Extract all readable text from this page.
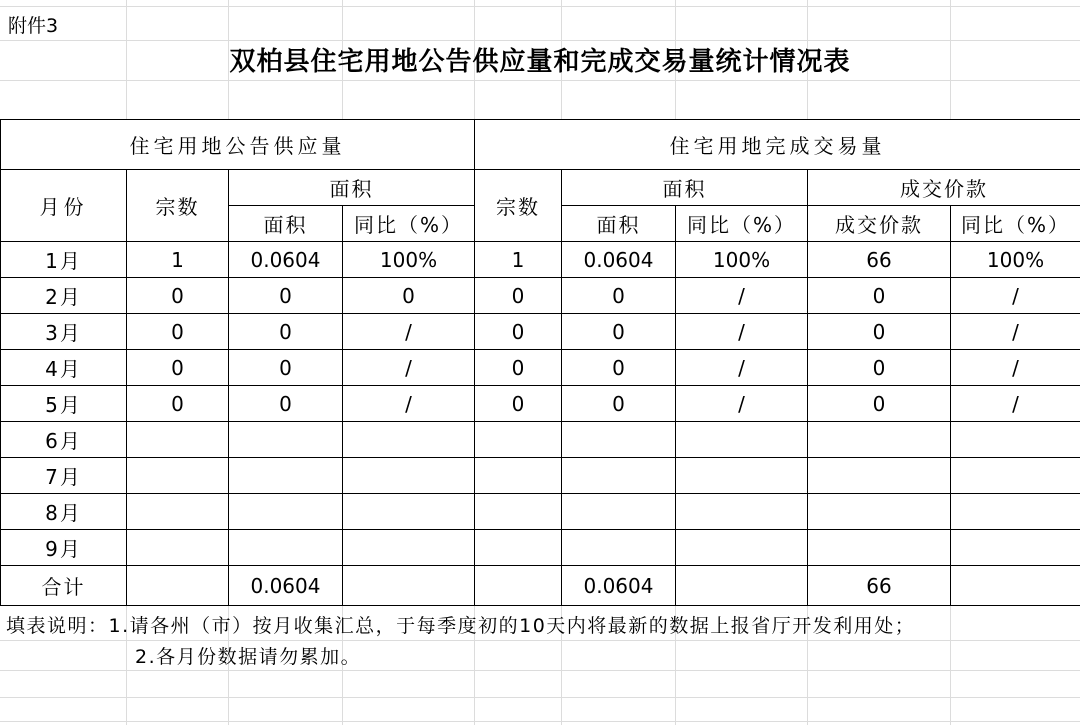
附件3
双柏县住宅用地公告供应量和完成交易量统计情况表
住宅用地公告供应量				住宅用地完成交易量				
月份	宗数	面积		宗数	面积		成交价款	
		面积	同比（%）		面积	同比（%）	成交价款	同比（%）
1月	1	0.0604	100%	1	0.0604	100%	66	100%
2月	0	0	0	0	0	/	0	/
3月	0	0	/	0	0	/	0	/
4月	0	0	/	0	0	/	0	/
5月	0	0	/	0	0	/	0	/
6月								
7月								
8月								
9月								
合计		0.0604			0.0604		66	
填表说明：1.请各州（市）按月收集汇总，于每季度初的10天内将最新的数据上报省厅开发利用处；
2.各月份数据请勿累加。
